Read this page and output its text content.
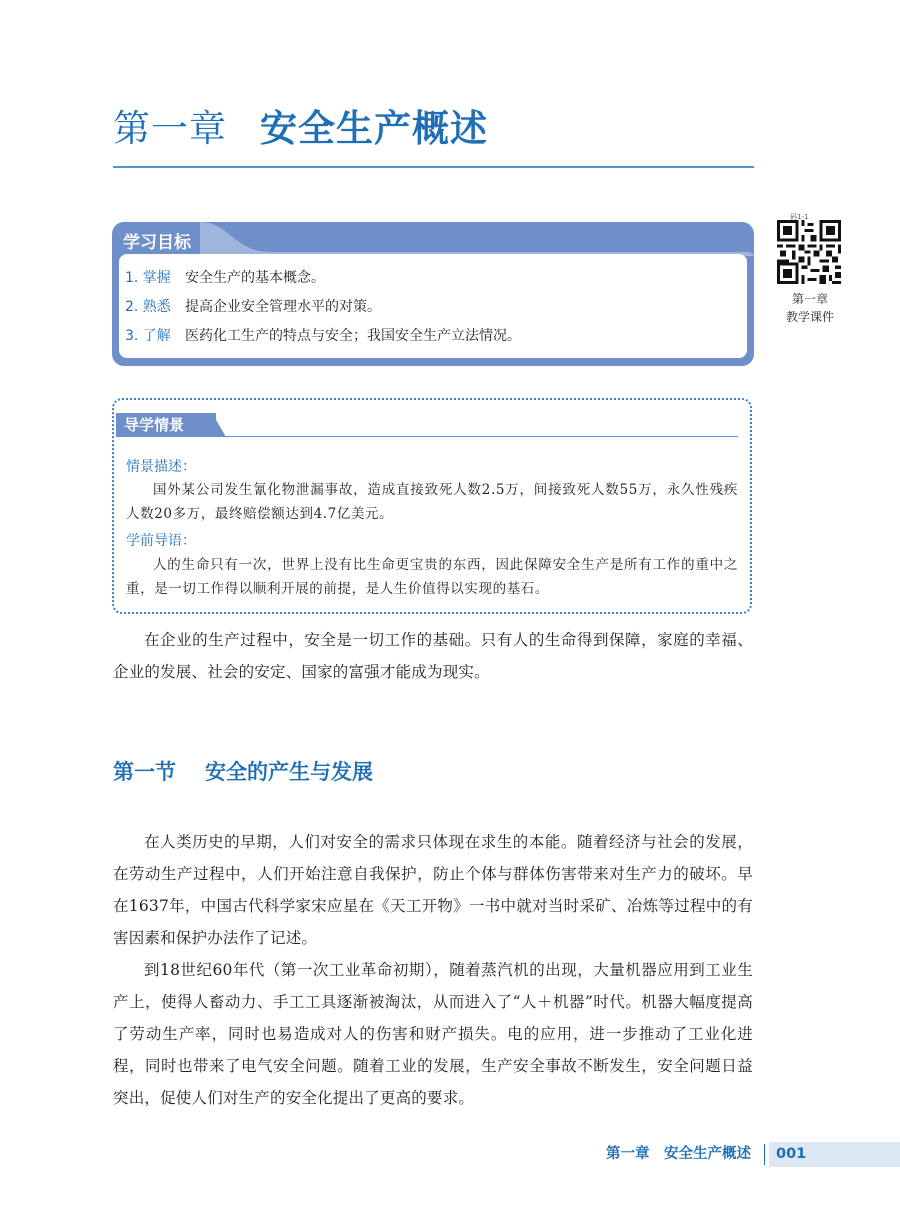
第一章 安全生产概述
学习目标
1. 掌握	安全生产的基本概念。
2. 熟悉	提高企业安全管理水平的对策。
3. 了解	医药化工生产的特点与安全；我国安全生产立法情况。
第一章
教学课件
码1-1
导学情景
情景描述：
国外某公司发生氰化物泄漏事故，造成直接致死人数2.5万，间接致死人数55万，永久性残疾人数20多万，最终赔偿额达到4.7亿美元。
学前导语：
人的生命只有一次，世界上没有比生命更宝贵的东西，因此保障安全生产是所有工作的重中之重，是一切工作得以顺利开展的前提，是人生价值得以实现的基石。
在企业的生产过程中，安全是一切工作的基础。只有人的生命得到保障，家庭的幸福、企业的发展、社会的安定、国家的富强才能成为现实。
第一节 安全的产生与发展
在人类历史的早期，人们对安全的需求只体现在求生的本能。随着经济与社会的发展，在劳动生产过程中，人们开始注意自我保护，防止个体与群体伤害带来对生产力的破坏。早在1637年，中国古代科学家宋应星在《天工开物》一书中就对当时采矿、冶炼等过程中的有害因素和保护办法作了记述。
到18世纪60年代（第一次工业革命初期），随着蒸汽机的出现，大量机器应用到工业生产上，使得人畜动力、手工工具逐渐被淘汰，从而进入了“人＋机器”时代。机器大幅度提高了劳动生产率，同时也易造成对人的伤害和财产损失。电的应用，进一步推动了工业化进程，同时也带来了电气安全问题。随着工业的发展，生产安全事故不断发生，安全问题日益突出，促使人们对生产的安全化提出了更高的要求。
第一章　安全生产概述 001
